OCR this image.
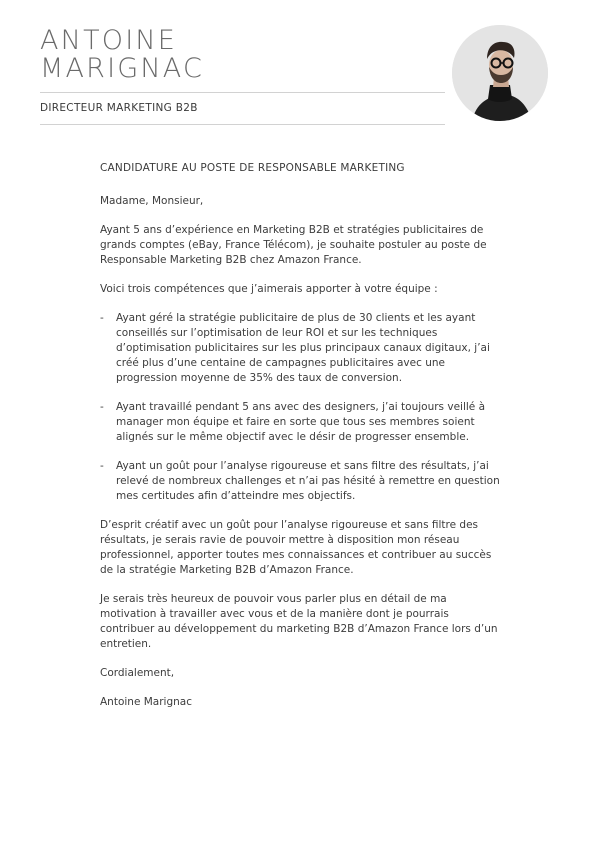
ANTOINE
MARIGNAC
DIRECTEUR MARKETING B2B
CANDIDATURE AU POSTE DE RESPONSABLE MARKETING

Madame, Monsieur,

Ayant 5 ans d’expérience en Marketing B2B et stratégies publicitaires de grands comptes (eBay, France Télécom), je souhaite postuler au poste de Responsable Marketing B2B chez Amazon France.

Voici trois compétences que j’aimerais apporter à votre équipe :

- Ayant géré la stratégie publicitaire de plus de 30 clients et les ayant conseillés sur l’optimisation de leur ROI et sur les techniques d’optimisation publicitaires sur les plus principaux canaux digitaux, j’ai créé plus d’une centaine de campagnes publicitaires avec une progression moyenne de 35% des taux de conversion.
- Ayant travaillé pendant 5 ans avec des designers, j’ai toujours veillé à manager mon équipe et faire en sorte que tous ses membres soient alignés sur le même objectif avec le désir de progresser ensemble.
- Ayant un goût pour l’analyse rigoureuse et sans filtre des résultats, j’ai relevé de nombreux challenges et n’ai pas hésité à remettre en question mes certitudes afin d’atteindre mes objectifs.

D’esprit créatif avec un goût pour l’analyse rigoureuse et sans filtre des résultats, je serais ravie de pouvoir mettre à disposition mon réseau professionnel, apporter toutes mes connaissances et contribuer au succès de la stratégie Marketing B2B d’Amazon France.

Je serais très heureux de pouvoir vous parler plus en détail de ma motivation à travailler avec vous et de la manière dont je pourrais contribuer au développement du marketing B2B d’Amazon France lors d’un entretien.

Cordialement,

Antoine Marignac
